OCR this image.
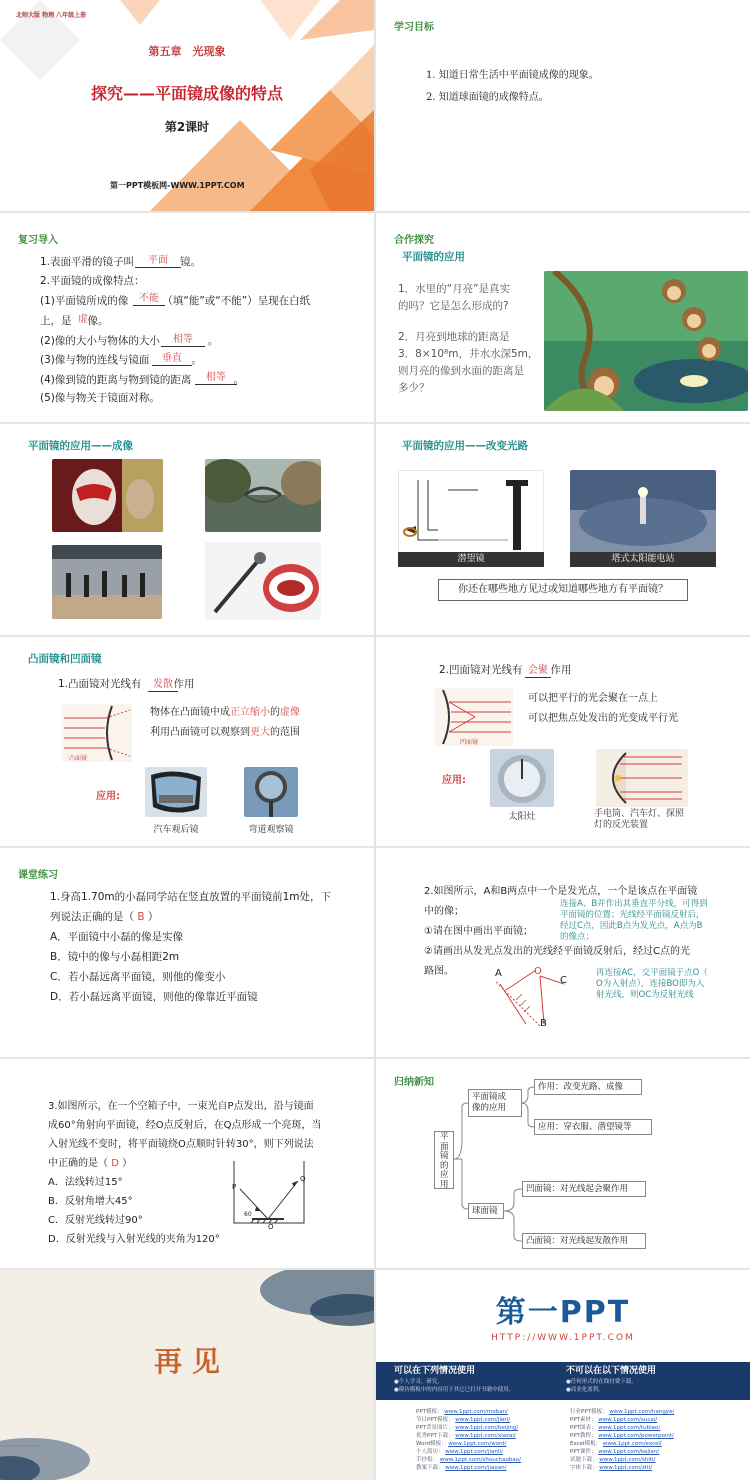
北师大版 物理 八年级上册
第五章　光现象
探究——平面镜成像的特点
第2课时
第一PPT模板网-WWW.1PPT.COM
学习目标
1. 知道日常生活中平面镜成像的现象。
2. 知道球面镜的成像特点。
复习导入
1.表面平滑的镜子叫	镜。
平面
2.平面镜的成像特点：
(1)平面镜所成的像	（填“能”或“不能”）呈现在白纸
不能
上，是 像。
虚
(2)像的大小与物体的大小	。
相等
(3)像与物的连线与镜面	。
垂直
(4)像到镜的距离与物到镜的距离	。
相等
(5)像与物关于镜面对称。
合作探究
平面镜的应用
1．水里的“月亮”是真实
的吗？它是怎么形成的?
2．月亮到地球的距离是
3．8×10⁸m，井水水深5m，
则月亮的像到水面的距离是
多少？
平面镜的应用——成像	平面镜的应用——改变光路
潜望镜	塔式太阳能电站
你还在哪些地方见过或知道哪些地方有平面镜？
凸面镜和凹面镜
1.凸面镜对光线有	作用
发散
凸面镜
物体在凸面镜中成正立缩小的虚像
利用凸面镜可以观察到更大的范围
应用:
汽车观后镜	弯道观察镜
2.凹面镜对光线有	作用
会聚
凹面镜
可以把平行的光会聚在一点上
可以把焦点处发出的光变成平行光
应用:
太阳灶	手电筒、汽车灯、探照
灯的反光装置
课堂练习
1.身高1.70m的小磊同学站在竖直放置的平面镜前1m处，下
列说法正确的是（ B ）
A．平面镜中小磊的像是实像
B．镜中的像与小磊相距2m
C．若小磊远离平面镜，则他的像变小
D．若小磊远离平面镜，则他的像靠近平面镜
2.如图所示，A和B两点中一个是发光点，一个是该点在平面镜
中的像；
①请在图中画出平面镜；
②请画出从发光点发出的光线经平面镜反射后，经过C点的光
路图。
连接A、B并作出其垂直平分线，可得到
平面镜的位置；光线经平面镜反射后，
经过C点，因此B点为发光点，A点为B
的像点；
A	O
C
B
再连接AC，交平面镜于点O（
O为入射点），连接BO即为入
射光线，则OC为反射光线
3.如图所示，在一个空箱子中，一束光自P点发出，沿与镜面
成60°角射向平面镜，经O点反射后，在Q点形成一个亮斑，当
入射光线不变时，将平面镜绕O点顺时针转30°，则下列说法
中正确的是（ D ）
A．法线转过15°
B．反射角增大45°
C．反射光线转过90°
D．反射光线与入射光线的夹角为120°
P
Q
60
O
归纳新知
平
面
镜
的
应
用
平面镜成
像的应用
作用：改变光路、成像
应用：穿衣服、潜望镜等
球面镜
凹面镜：对光线起会聚作用
凸面镜：对光线起发散作用
再 见
第一PPT
HTTP://WWW.1PPT.COM
可以在下列情况使用	不可以在以下情况使用
●个人学习、研究。
●模仿模板中的内容用于其它已打开书籍中使用。
●任何形式的在线付费下载。
●商业化盈利。
PPT模板： www.1ppt.com/moban/
节日PPT模板： www.1ppt.com/jieri/
PPT背景图片： www.1ppt.com/beijing/
优秀PPT下载： www.1ppt.com/xiazai/
Word模板： www.1ppt.com/word/
个人简历： www.1ppt.com/jianli/
手抄报： www.1ppt.com/shouchaobao/
教案下载： www.1ppt.com/jiaoan/
行业PPT模板： www.1ppt.com/hangye/
PPT素材： www.1ppt.com/sucai/
PPT图表： www.1ppt.com/tubiao/
PPT教程： www.1ppt.com/powerpoint/
Excel模板： www.1ppt.com/excel/
PPT课件： www.1ppt.com/kejian/
试题下载： www.1ppt.com/shiti/
字体下载： www.1ppt.com/ziti/
